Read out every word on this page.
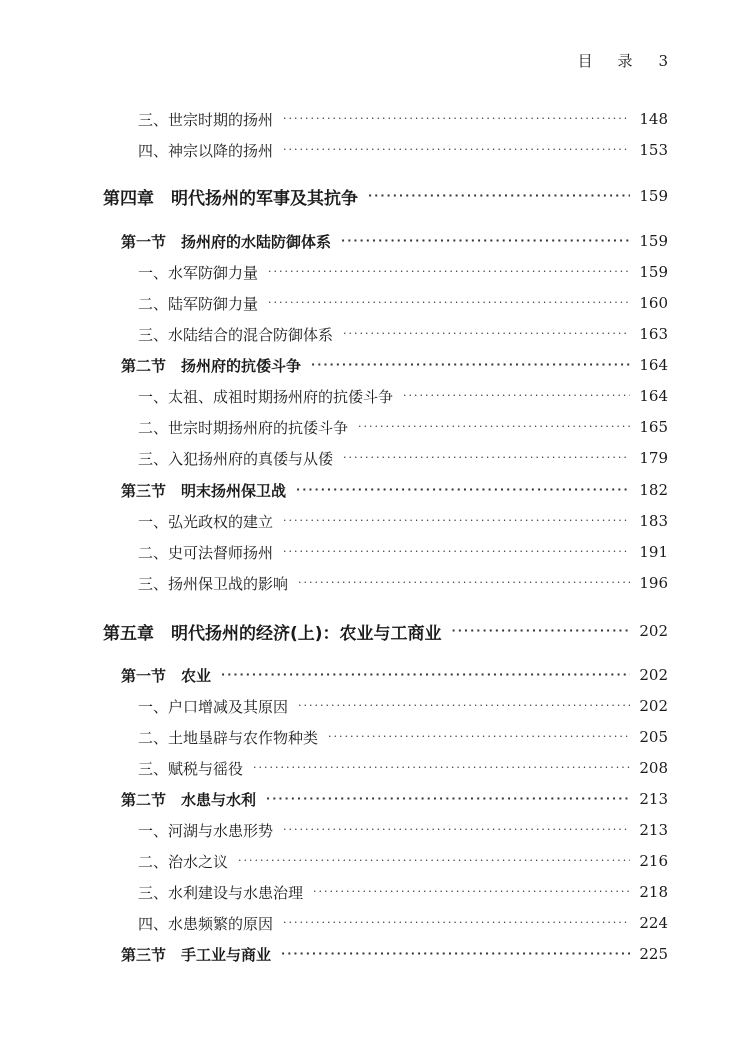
目 录 3
三、世宗时期的扬州 ·····	148
四、神宗以降的扬州 ·····	153
第四章　明代扬州的军事及其抗争 ·····	159
第一节　扬州府的水陆防御体系 ·····	159
一、水军防御力量 ·····	159
二、陆军防御力量 ·····	160
三、水陆结合的混合防御体系 ·····	163
第二节　扬州府的抗倭斗争 ·····	164
一、太祖、成祖时期扬州府的抗倭斗争 ·····	164
二、世宗时期扬州府的抗倭斗争 ·····	165
三、入犯扬州府的真倭与从倭 ·····	179
第三节　明末扬州保卫战 ·····	182
一、弘光政权的建立 ·····	183
二、史可法督师扬州 ·····	191
三、扬州保卫战的影响 ·····	196
第五章　明代扬州的经济(上)：农业与工商业 ·····	202
第一节　农业 ·····	202
一、户口增减及其原因 ·····	202
二、土地垦辟与农作物种类 ·····	205
三、赋税与徭役 ·····	208
第二节　水患与水利 ·····	213
一、河湖与水患形势 ·····	213
二、治水之议 ·····	216
三、水利建设与水患治理 ·····	218
四、水患频繁的原因 ·····	224
第三节　手工业与商业 ·····	225
